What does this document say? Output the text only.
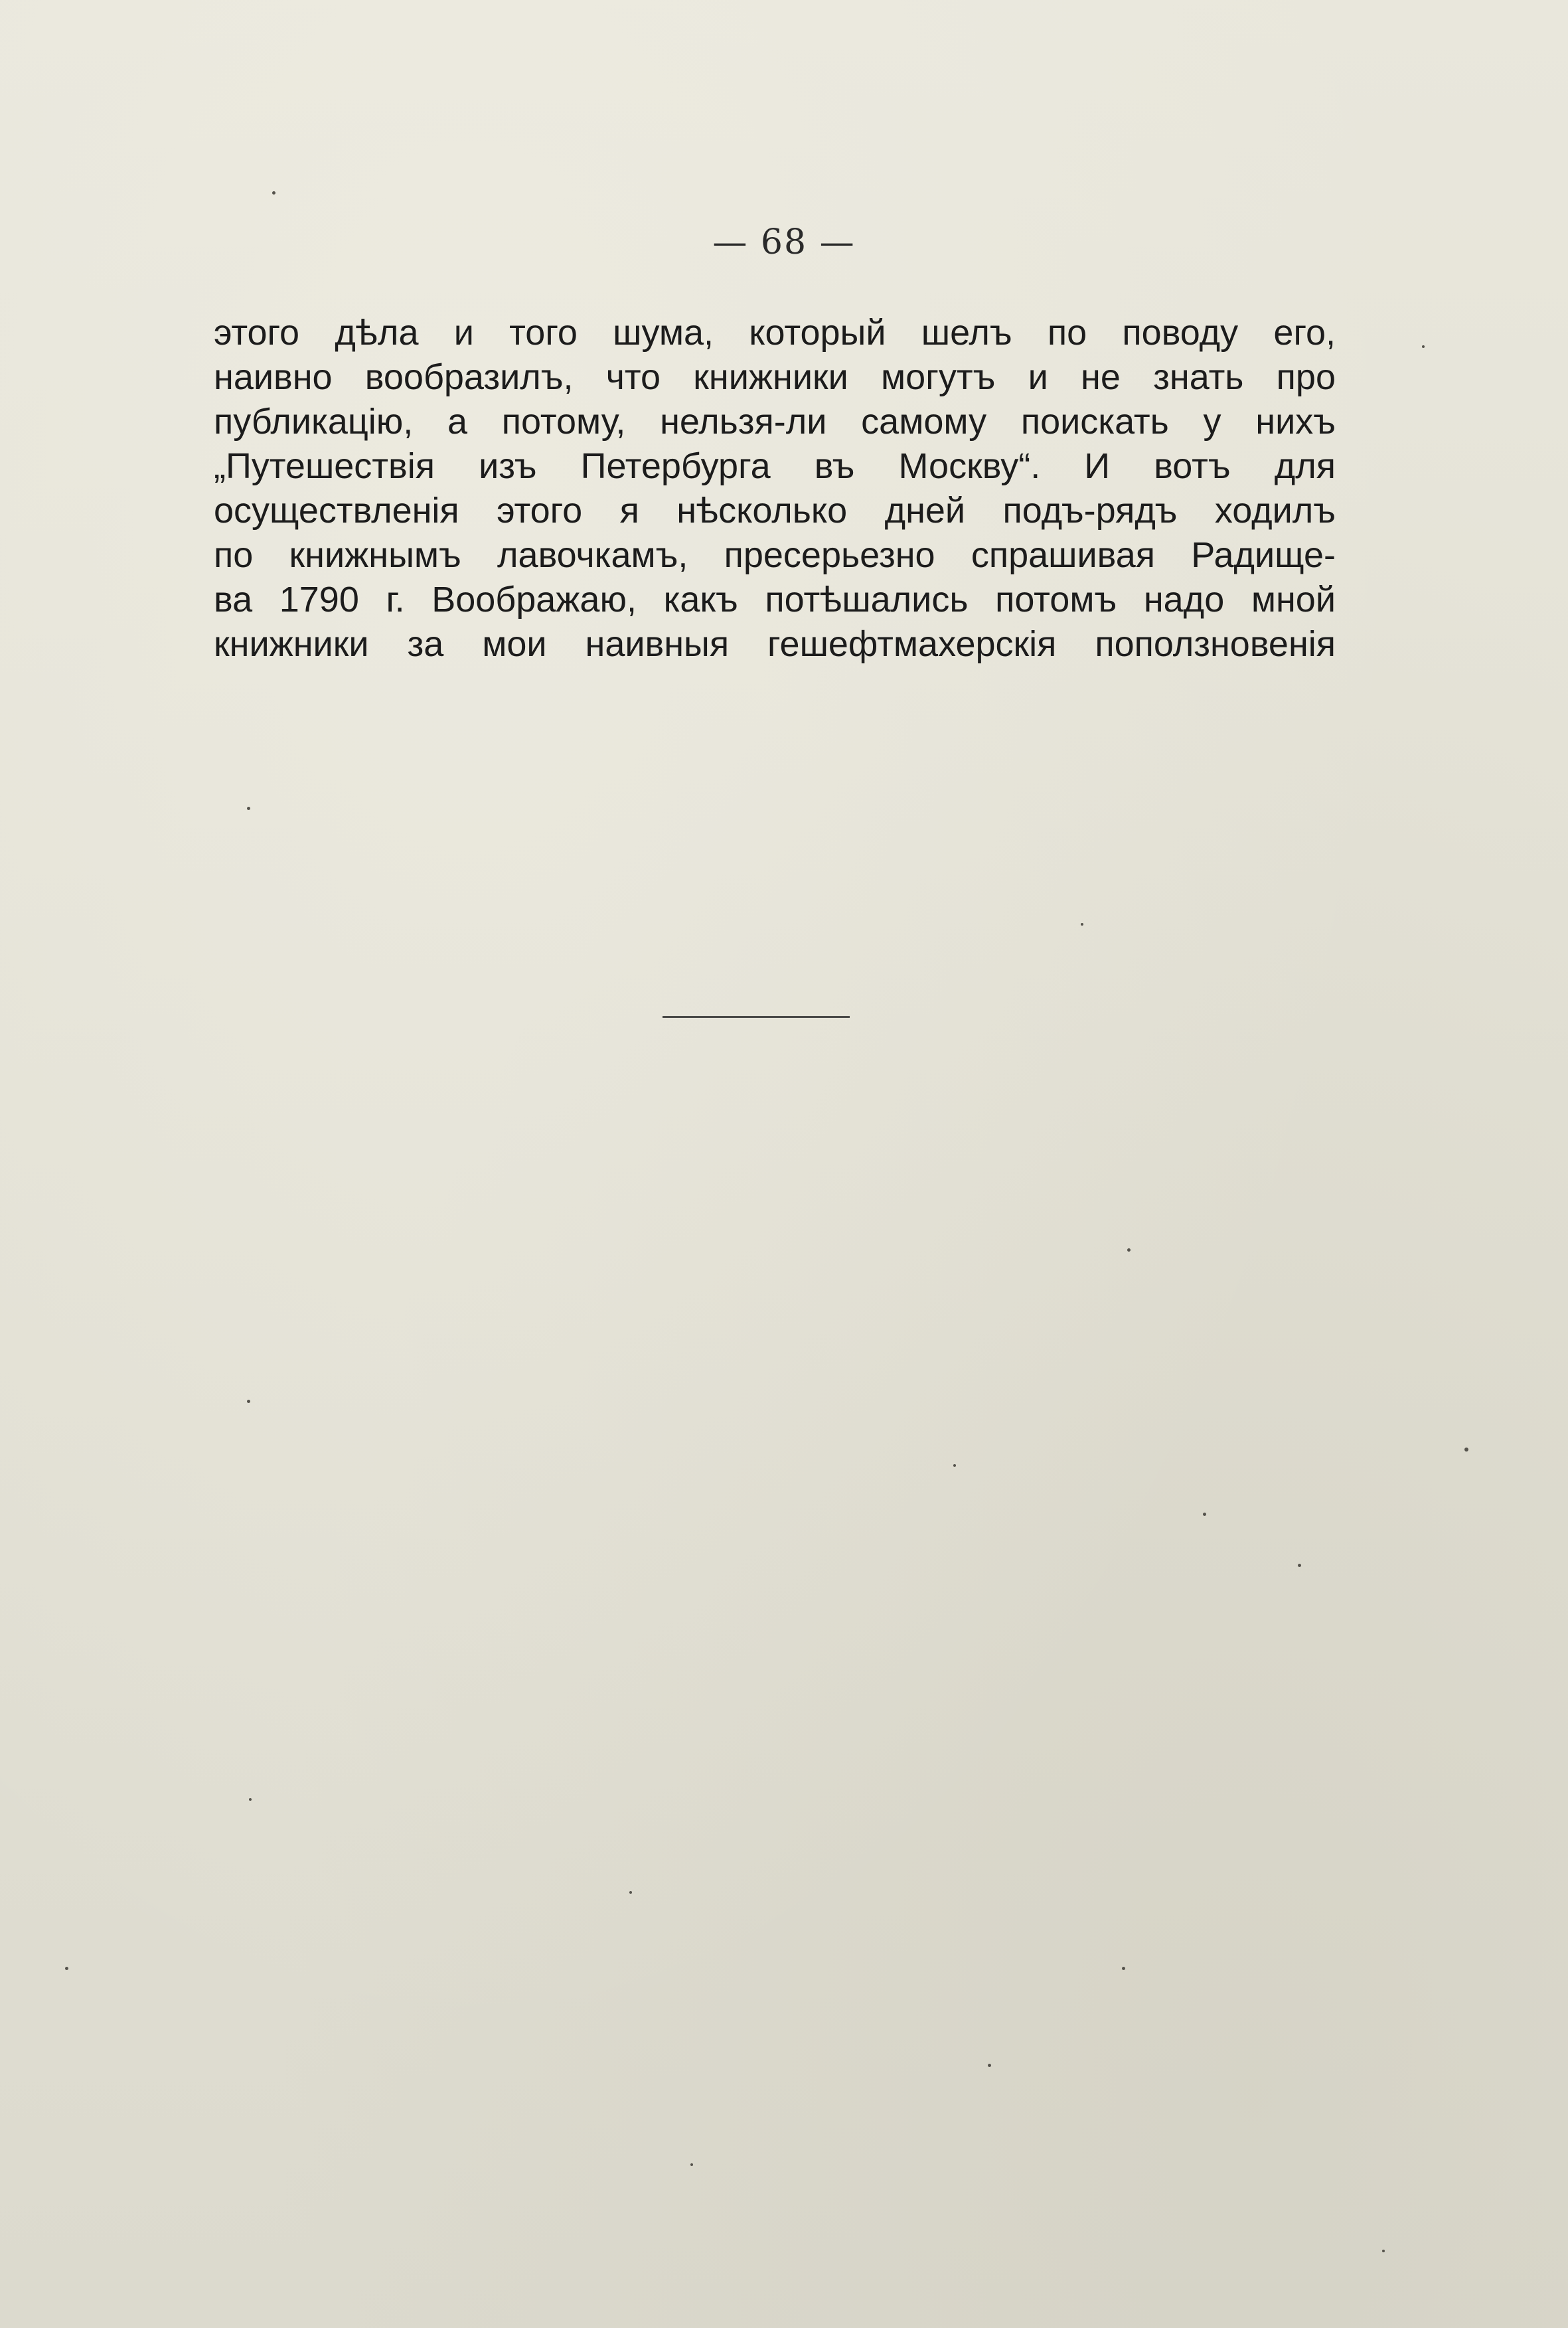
— 68 —
этого дѣла и того шума, который шелъ по поводу его,
наивно вообразилъ, что книжники могутъ и не знать про
публикацію, а потому, нельзя-ли самому поискать у нихъ
„Путешествія изъ Петербурга въ Москву“. И вотъ для
осуществленія этого я нѣсколько дней подъ-рядъ ходилъ
по книжнымъ лавочкамъ, пресерьезно спрашивая Радище-
ва 1790 г. Воображаю, какъ потѣшались потомъ надо мной
книжники за мои наивныя гешефтмахерскія поползновенія
